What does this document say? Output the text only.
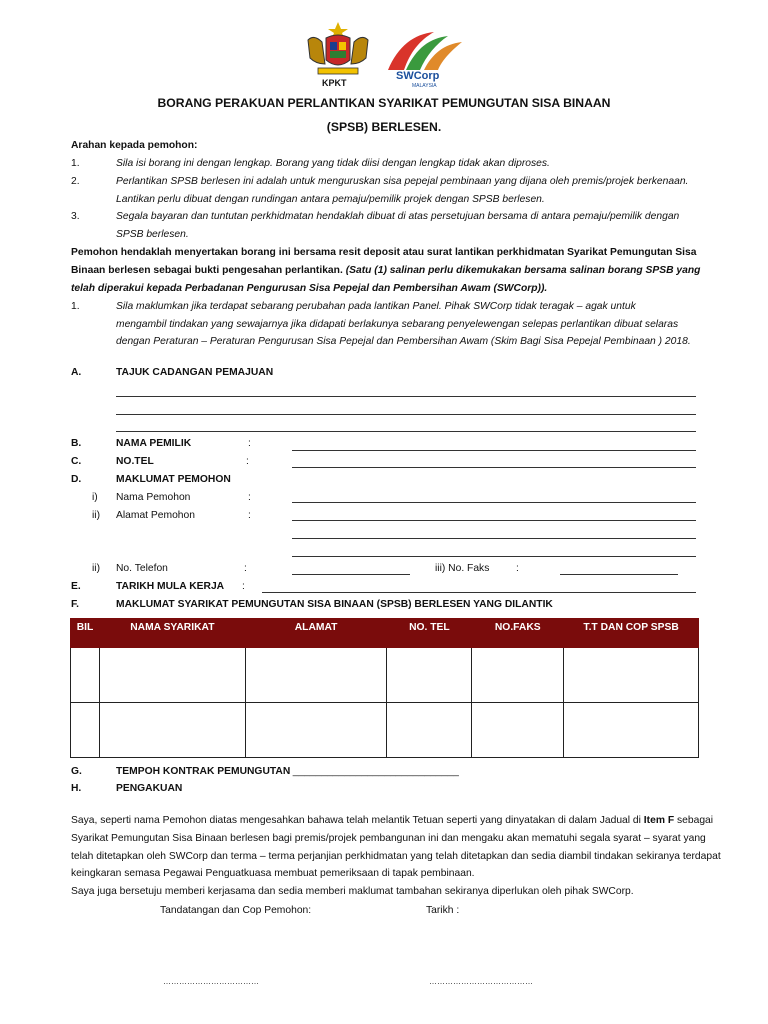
KPKT
SWCorp
MALAYSIA
BORANG PERAKUAN PERLANTIKAN SYARIKAT PEMUNGUTAN SISA BINAAN
(SPSB) BERLESEN.
Arahan kepada pemohon:
1.	Sila isi borang ini dengan lengkap. Borang yang tidak diisi dengan lengkap tidak akan diproses.
2.	Perlantikan SPSB berlesen ini adalah untuk menguruskan sisa pepejal pembinaan yang dijana oleh premis/projek berkenaan.
Lantikan perlu dibuat dengan rundingan antara pemaju/pemilik projek dengan SPSB berlesen.
3.	Segala bayaran dan tuntutan perkhidmatan hendaklah dibuat di atas persetujuan bersama di antara pemaju/pemilik dengan
SPSB berlesen.
Pemohon hendaklah menyertakan borang ini bersama resit deposit atau surat lantikan perkhidmatan Syarikat Pemungutan Sisa
Binaan berlesen sebagai bukti pengesahan perlantikan. (Satu (1) salinan perlu dikemukakan bersama salinan borang SPSB yang
telah diperakui kepada Perbadanan Pengurusan Sisa Pepejal dan Pembersihan Awam (SWCorp)).
1.	Sila maklumkan jika terdapat sebarang perubahan pada lantikan Panel. Pihak SWCorp tidak teragak – agak untuk
mengambil tindakan yang sewajarnya jika didapati berlakunya sebarang penyelewengan selepas perlantikan dibuat selaras
dengan Peraturan – Peraturan Pengurusan Sisa Pepejal dan Pembersihan Awam (Skim Bagi Sisa Pepejal Pembinaan ) 2018.
A.	TAJUK CADANGAN PEMAJUAN
B.	NAMA PEMILIK	:
C.	NO.TEL	:
D.	MAKLUMAT PEMOHON
i) Nama Pemohon	:
ii) Alamat Pemohon	:
ii) No. Telefon	:	iii) No. Faks	:
E.	TARIKH MULA KERJA :
F.	MAKLUMAT SYARIKAT PEMUNGUTAN SISA BINAAN (SPSB) BERLESEN YANG DILANTIK
BIL	NAMA SYARIKAT	ALAMAT	NO. TEL	NO.FAKS	T.T DAN COP SPSB

G.	TEMPOH KONTRAK PEMUNGUTAN
: _____________________________
H.	PENGAKUAN
Saya, seperti nama Pemohon diatas mengesahkan bahawa telah melantik Tetuan seperti yang dinyatakan di dalam Jadual di Item F sebagai
Syarikat Pemungutan Sisa Binaan berlesen bagi premis/projek pembangunan ini dan mengaku akan mematuhi segala syarat – syarat yang
telah ditetapkan oleh SWCorp dan terma – terma perjanjian perkhidmatan yang telah ditetapkan dan sedia diambil tindakan sekiranya terdapat
keingkaran semasa Pegawai Penguatkuasa membuat pemeriksaan di tapak pembinaan.
Saya juga bersetuju memberi kerjasama dan sedia memberi maklumat tambahan sekiranya diperlukan oleh pihak SWCorp.
Tandatangan dan Cop Pemohon:	Tarikh :
………………………………	…………………………………
